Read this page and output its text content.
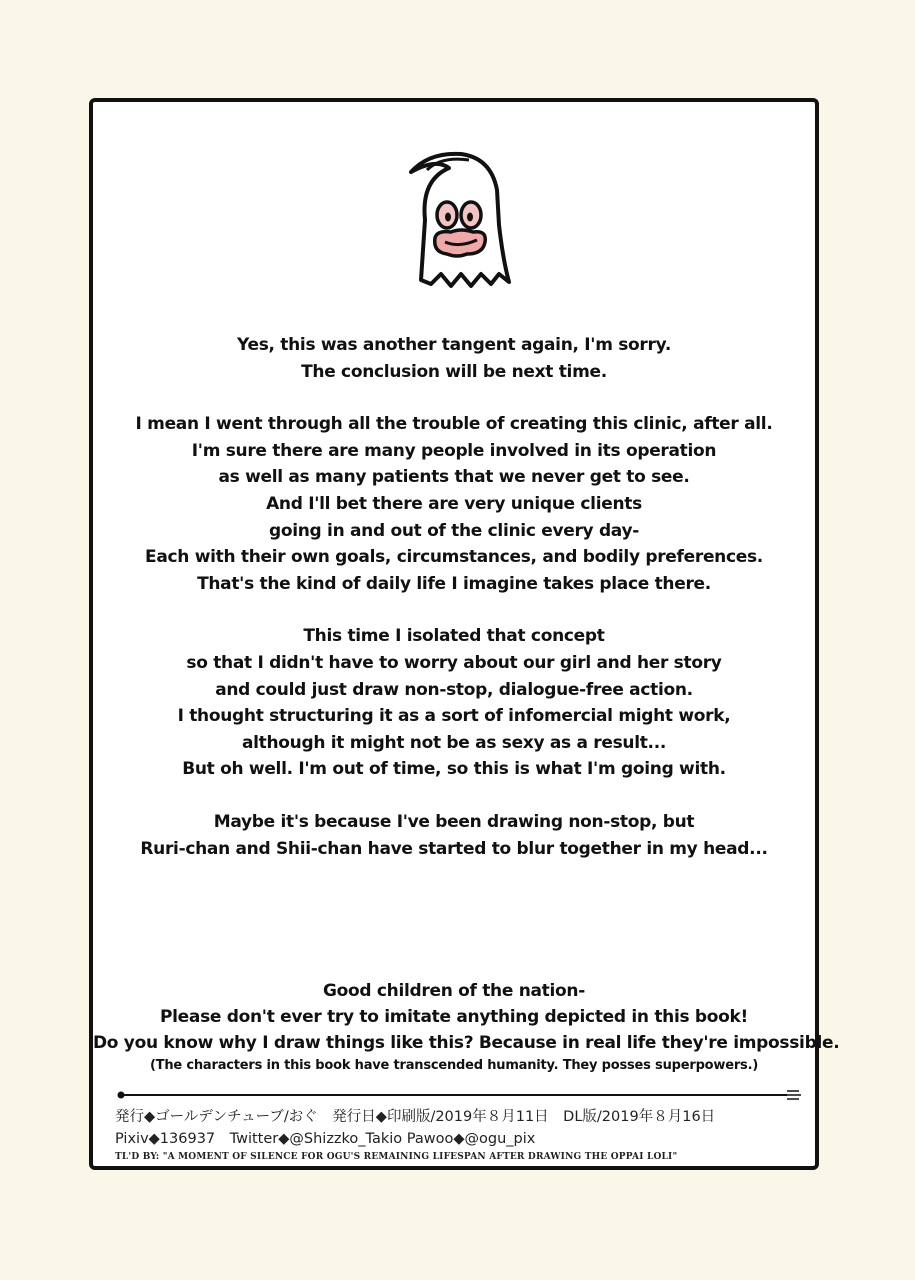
Yes, this was another tangent again, I'm sorry.
The conclusion will be next time.
I mean I went through all the trouble of creating this clinic, after all.
I'm sure there are many people involved in its operation
as well as many patients that we never get to see.
And I'll bet there are very unique clients
going in and out of the clinic every day-
Each with their own goals, circumstances, and bodily preferences.
That's the kind of daily life I imagine takes place there.
This time I isolated that concept
so that I didn't have to worry about our girl and her story
and could just draw non-stop, dialogue-free action.
I thought structuring it as a sort of infomercial might work,
although it might not be as sexy as a result...
But oh well. I'm out of time, so this is what I'm going with.
Maybe it's because I've been drawing non-stop, but
Ruri-chan and Shii-chan have started to blur together in my head...
Good children of the nation-
Please don't ever try to imitate anything depicted in this book!
Do you know why I draw things like this? Because in real life they're impossible.
(The characters in this book have transcended humanity. They posses superpowers.)
発行◆ゴールデンチューブ/おぐ　発行日◆印刷版/2019年８月11日　DL版/2019年８月16日
Pixiv◆136937　Twitter◆@Shizzko_Takio Pawoo◆@ogu_pix
TL'D BY: "A MOMENT OF SILENCE FOR OGU'S REMAINING LIFESPAN AFTER DRAWING THE OPPAI LOLI"
